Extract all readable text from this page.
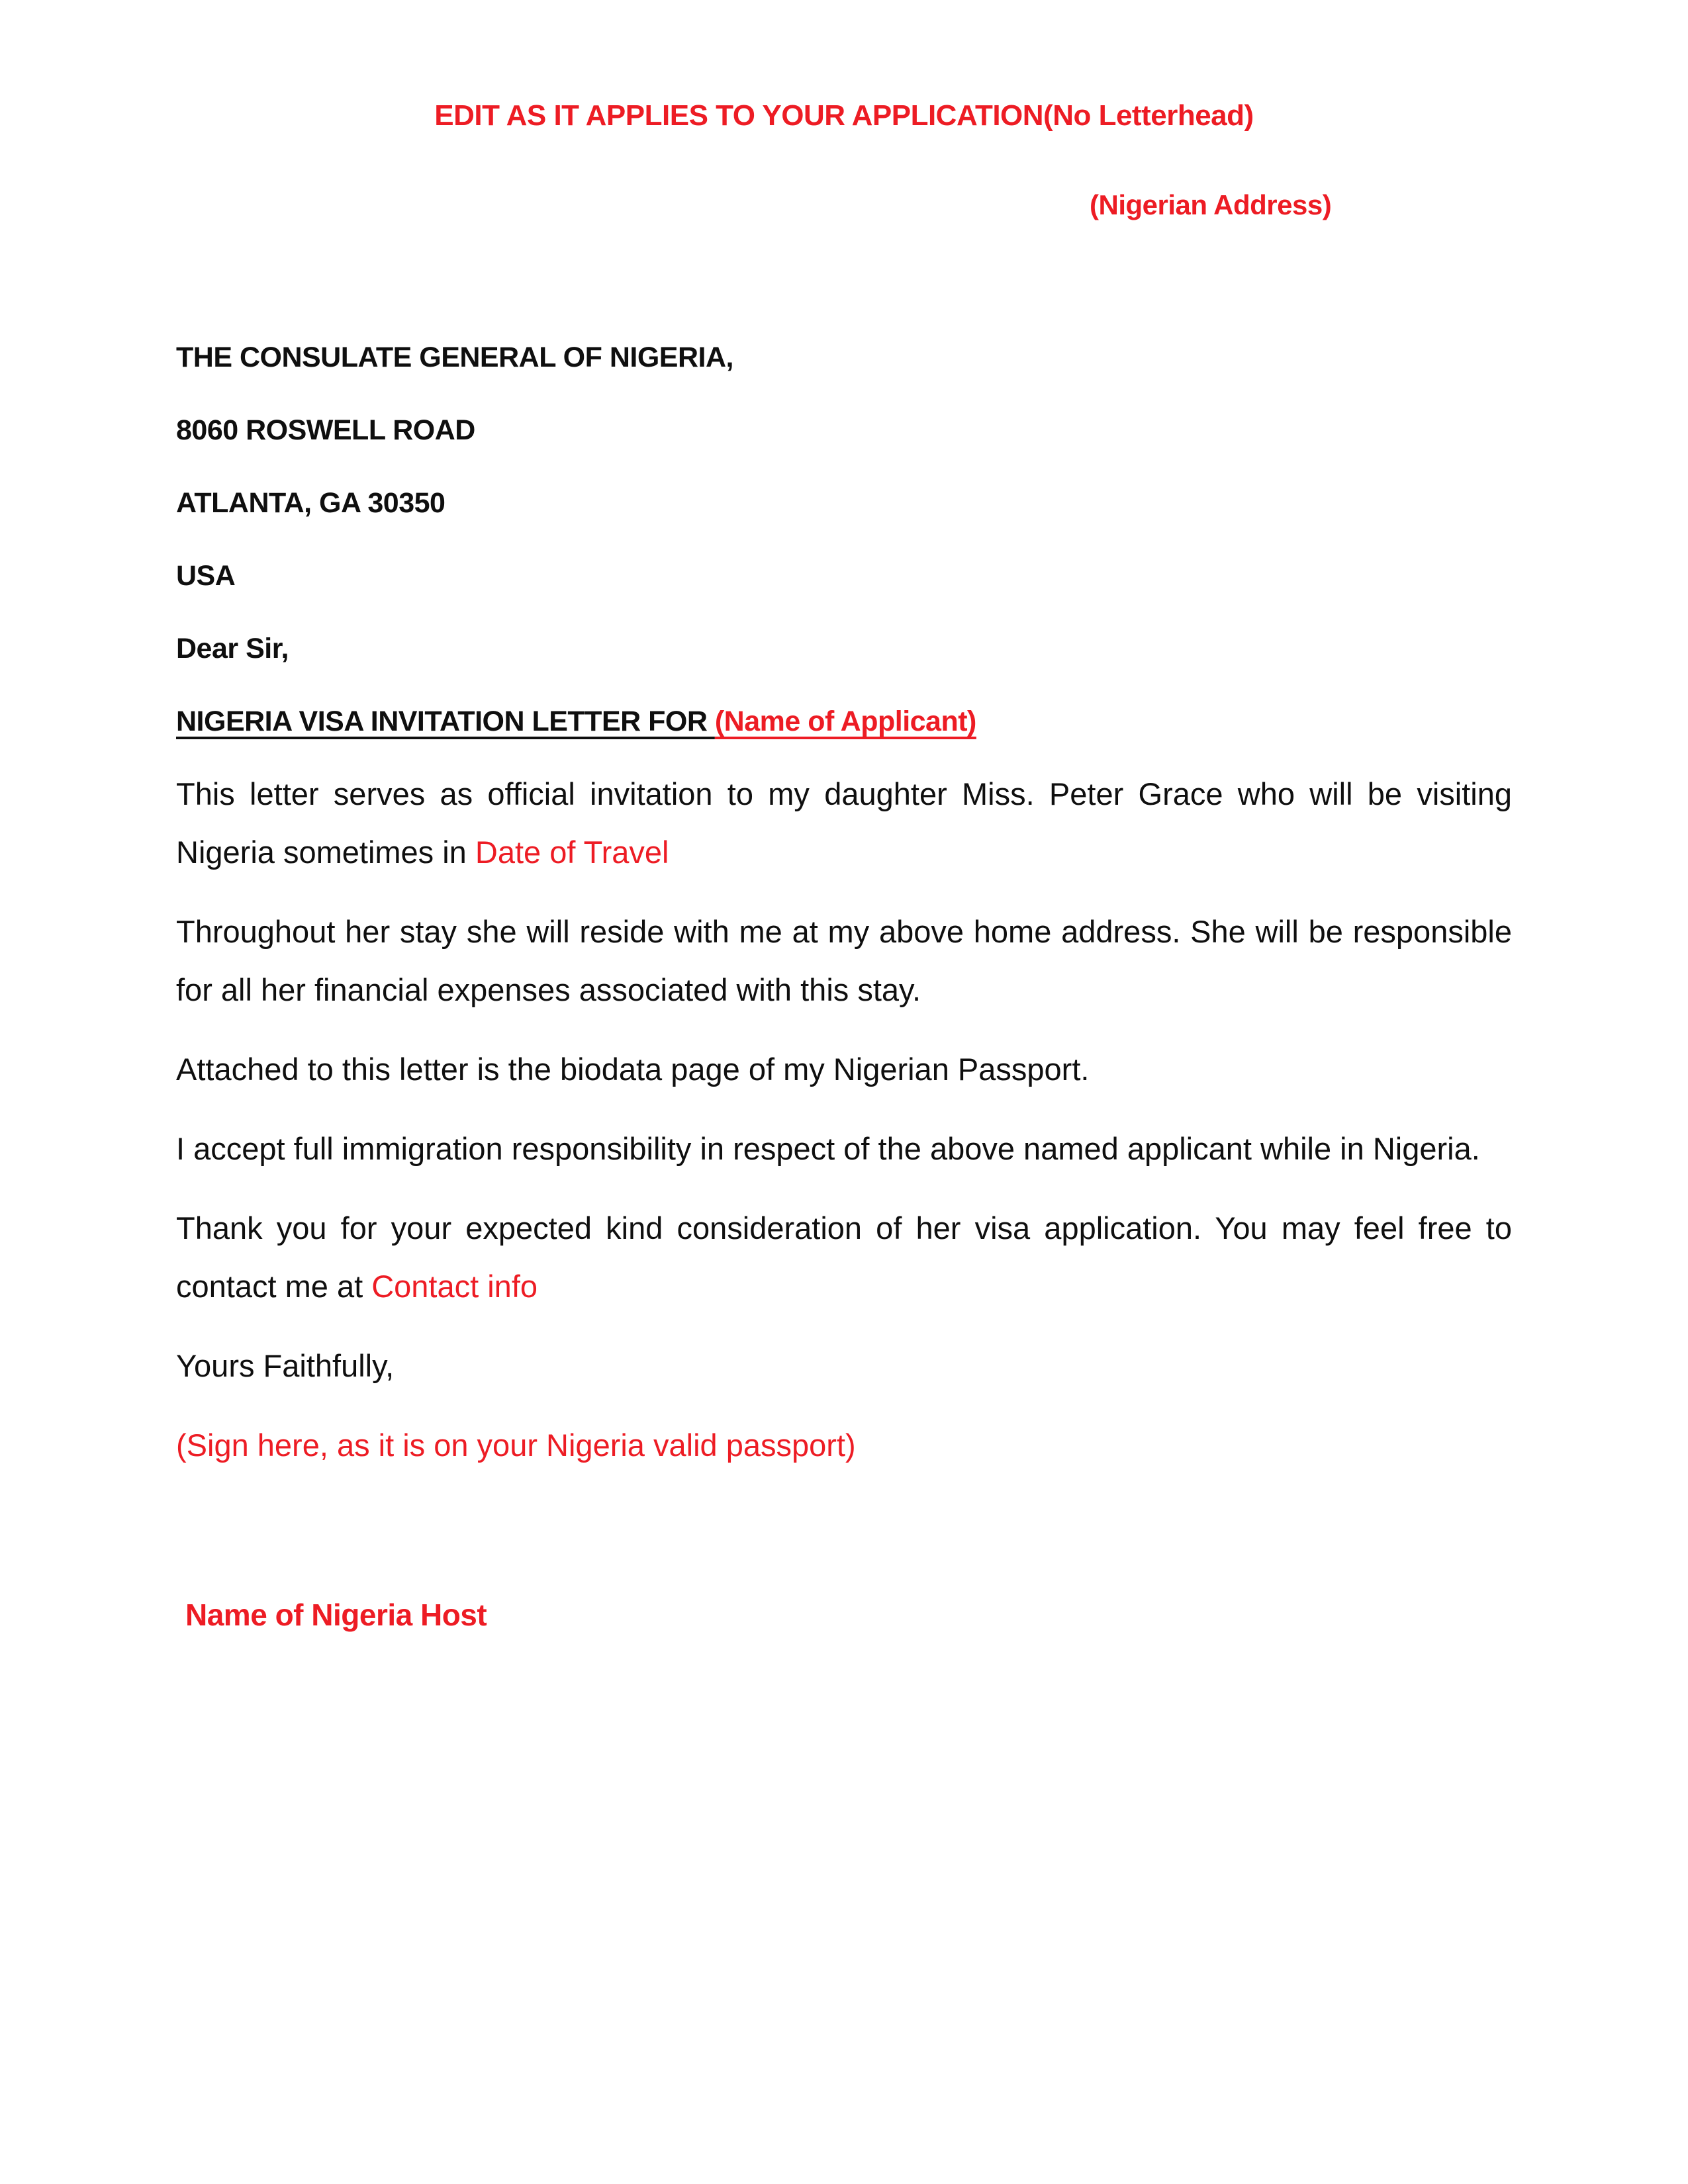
EDIT AS IT APPLIES TO YOUR APPLICATION(No Letterhead)
(Nigerian Address)

THE CONSULATE GENERAL OF NIGERIA,

8060 ROSWELL ROAD

ATLANTA, GA 30350

USA

Dear Sir,

NIGERIA VISA INVITATION LETTER FOR (Name of Applicant)

This letter serves as official invitation to my daughter Miss. Peter Grace who will be visiting Nigeria sometimes in Date of Travel

Throughout her stay she will reside with me at my above home address. She will be responsible for all her financial expenses associated with this stay.

Attached to this letter is the biodata page of my Nigerian Passport.

I accept full immigration responsibility in respect of the above named applicant while in Nigeria.

Thank you for your expected kind consideration of her visa application. You may feel free to contact me at Contact info

Yours Faithfully,

(Sign here, as it is on your Nigeria valid passport)

Name of Nigeria Host
